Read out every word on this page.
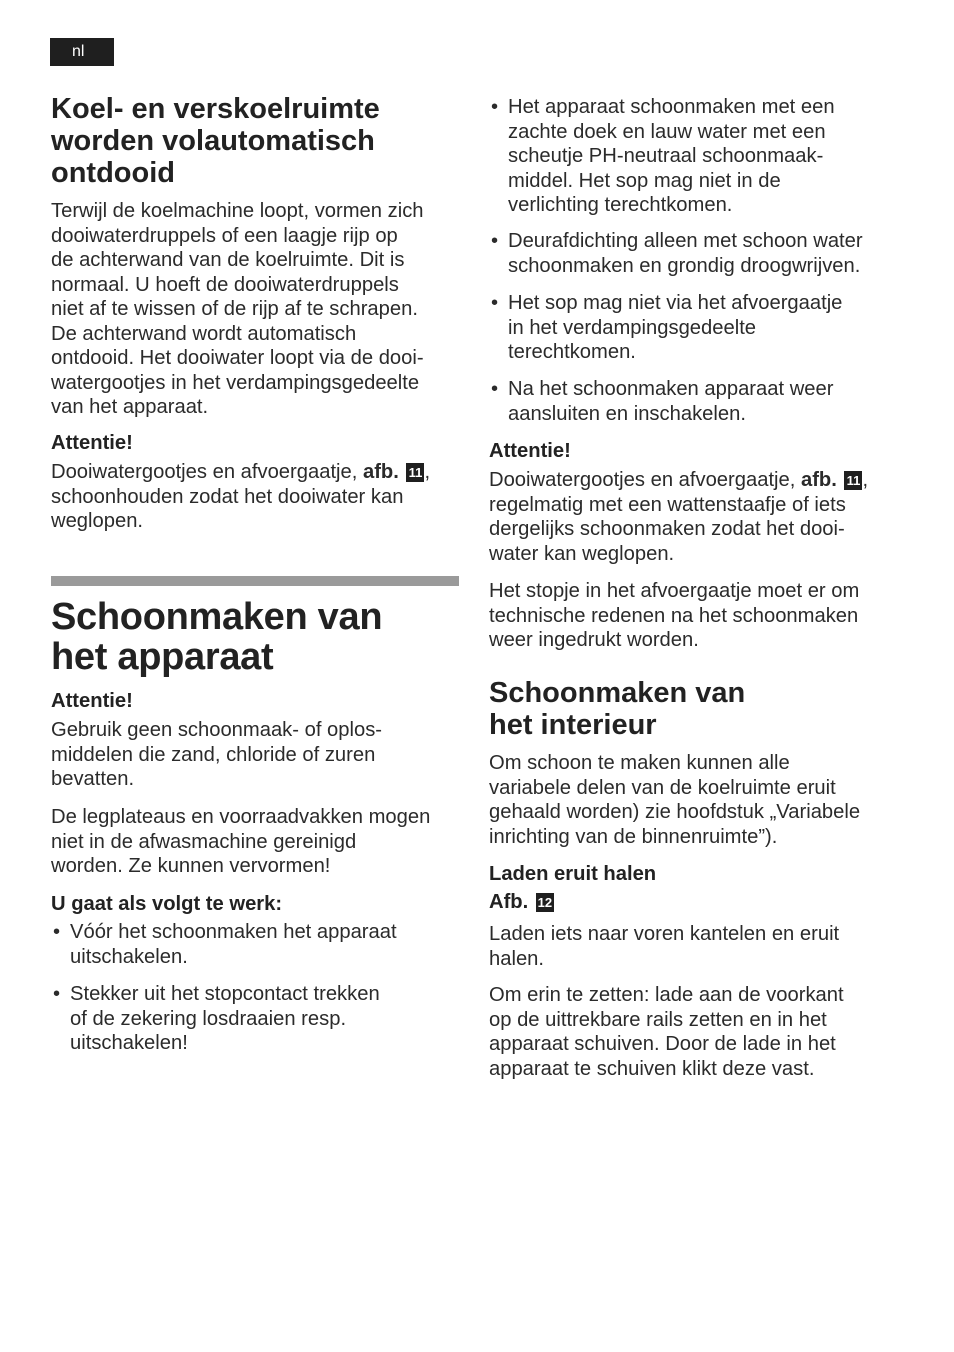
nl
Koel- en verskoelruimte
worden volautomatisch
ontdooid

Terwijl de koelmachine loopt, vormen zich
dooiwaterdruppels of een laagje rijp op
de achterwand van de koelruimte. Dit is
normaal. U hoeft de dooiwaterdruppels
niet af te wissen of de rijp af te schrapen.
De achterwand wordt automatisch
ontdooid. Het dooiwater loopt via de dooi-
watergootjes in het verdampingsgedeelte
van het apparaat.

Attentie!

Dooiwatergootjes en afvoergaatje, afb. 11 ,
schoonhouden zodat het dooiwater kan
weglopen.

Schoonmaken van
het apparaat
Attentie!

Gebruik geen schoonmaak- of oplos-
middelen die zand, chloride of zuren
bevatten.

De legplateaus en voorraadvakken mogen
niet in de afwasmachine gereinigd
worden. Ze kunnen vervormen!

U gaat als volgt te werk:
• Vóór het schoonmaken het apparaat
uitschakelen.
• Stekker uit het stopcontact trekken
of de zekering losdraaien resp.
uitschakelen!
• Het apparaat schoonmaken met een
zachte doek en lauw water met een
scheutje PH-neutraal schoonmaak-
middel. Het sop mag niet in de
verlichting terechtkomen.
• Deurafdichting alleen met schoon water
schoonmaken en grondig droogwrijven.
• Het sop mag niet via het afvoergaatje
in het verdampingsgedeelte
terechtkomen.
• Na het schoonmaken apparaat weer
aansluiten en inschakelen.
Attentie!

Dooiwatergootjes en afvoergaatje, afb. 11 ,
regelmatig met een wattenstaafje of iets
dergelijks schoonmaken zodat het dooi-
water kan weglopen.

Het stopje in het afvoergaatje moet er om
technische redenen na het schoonmaken
weer ingedrukt worden.

Schoonmaken van
het interieur

Om schoon te maken kunnen alle
variabele delen van de koelruimte eruit
gehaald worden) zie hoofdstuk „Variabele
inrichting van de binnenruimte”).

Laden eruit halen
Afb. 12

Laden iets naar voren kantelen en eruit
halen.

Om erin te zetten: lade aan de voorkant
op de uittrekbare rails zetten en in het
apparaat schuiven. Door de lade in het
apparaat te schuiven klikt deze vast.
